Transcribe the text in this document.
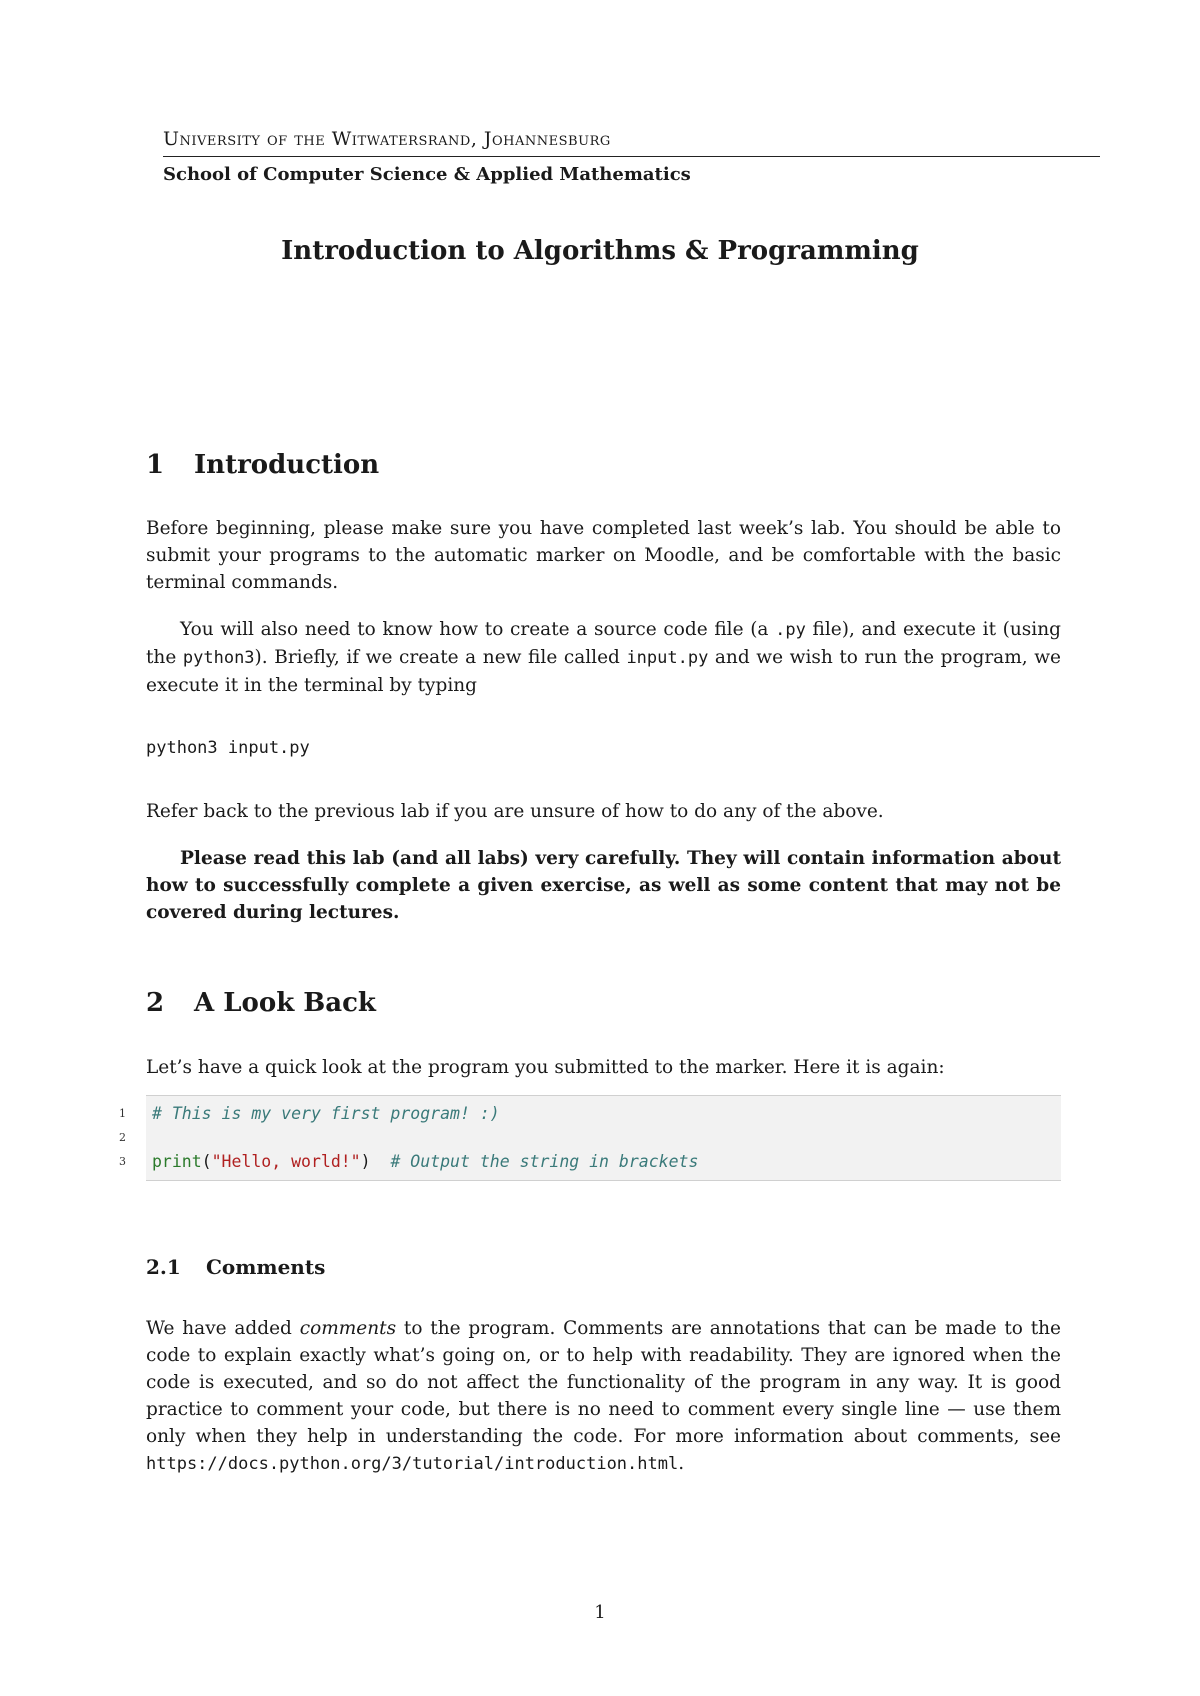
University of the Witwatersrand, Johannesburg
School of Computer Science & Applied Mathematics
Introduction to Algorithms & Programming
1 Introduction

Before beginning, please make sure you have completed last week’s lab. You should be able to submit your programs to the automatic marker on Moodle, and be comfortable with the basic terminal commands.

You will also need to know how to create a source code file (a .py file), and execute it (using the python3). Briefly, if we create a new file called input.py and we wish to run the program, we execute it in the terminal by typing

python3 input.py

Refer back to the previous lab if you are unsure of how to do any of the above.

Please read this lab (and all labs) very carefully. They will contain information about how to successfully complete a given exercise, as well as some content that may not be covered during lectures.

2 A Look Back

Let’s have a quick look at the program you submitted to the marker. Here it is again:

1 # This is my very first program! :)
2
3 print("Hello, world!") # Output the string in brackets
2.1 Comments

We have added comments to the program. Comments are annotations that can be made to the code to explain exactly what’s going on, or to help with readability. They are ignored when the code is executed, and so do not affect the functionality of the program in any way. It is good practice to comment your code, but there is no need to comment every single line — use them only when they help in understanding the code. For more information about comments, see https://docs.python.org/3/tutorial/introduction.html.

1
